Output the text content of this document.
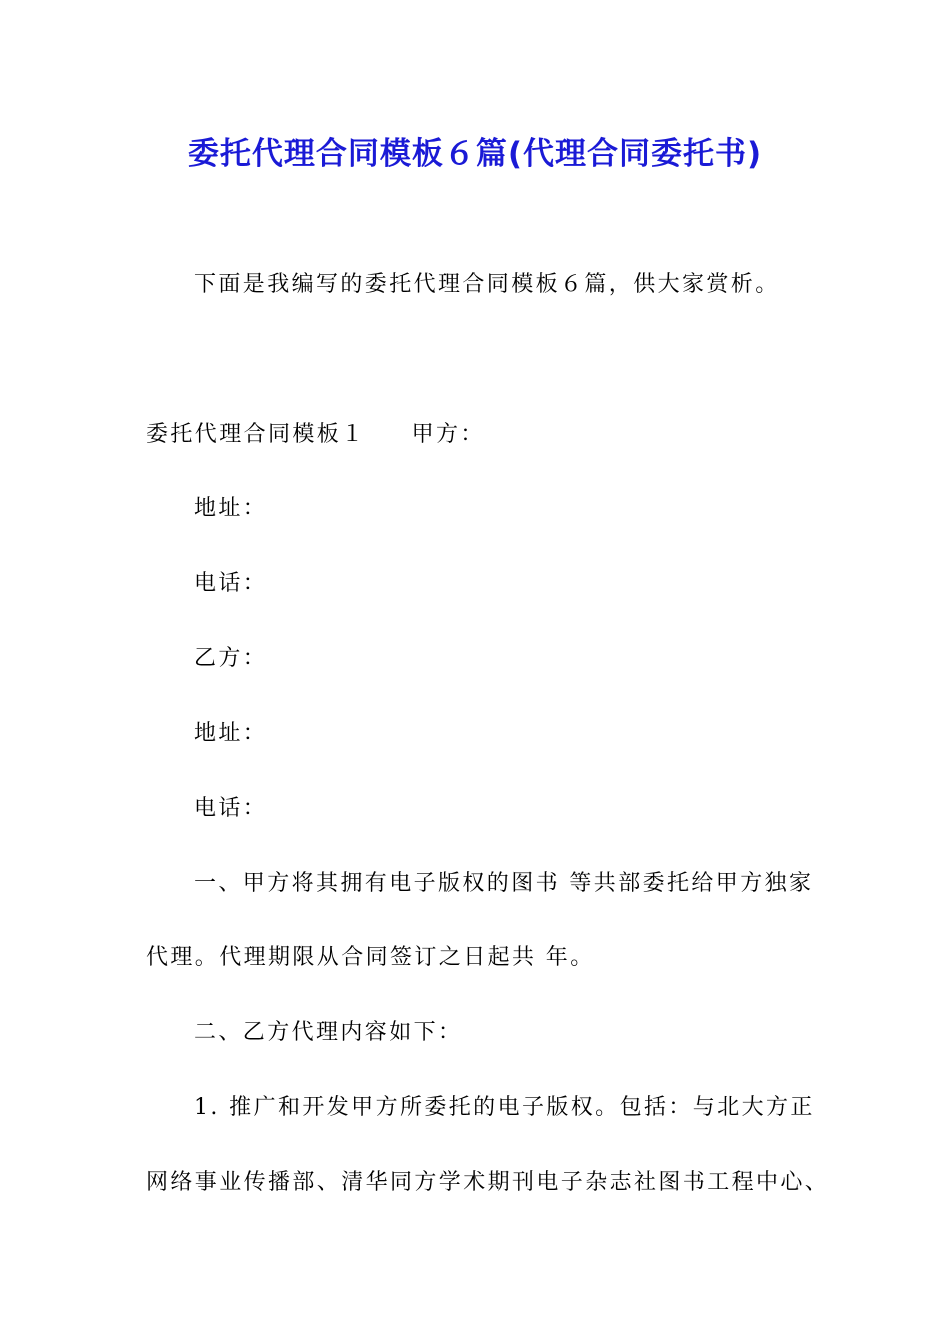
委托代理合同模板６篇(代理合同委托书)
下面是我编写的委托代理合同模板６篇，供大家赏析。
委托代理合同模板１ 甲方：
地址：
电话：
乙方：
地址：
电话：
一、甲方将其拥有电子版权的图书 等共部委托给甲方独家
代理。代理期限从合同签订之日起共 年。
二、乙方代理内容如下：
1. 推广和开发甲方所委托的电子版权。包括：与北大方正
网络事业传播部、清华同方学术期刊电子杂志社图书工程中心、
